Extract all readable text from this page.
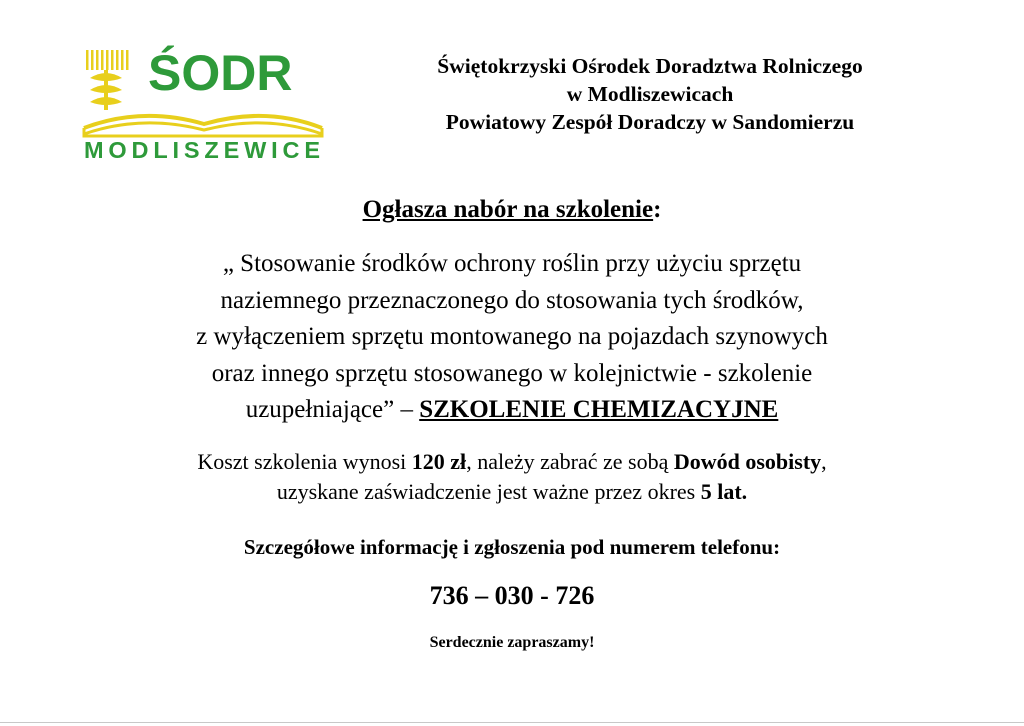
ŚODR
MODLISZEWICE
Świętokrzyski Ośrodek Doradztwa Rolniczego
w Modliszewicach
Powiatowy Zespół Doradczy w Sandomierzu
Ogłasza nabór na szkolenie:
„ Stosowanie środków ochrony roślin przy użyciu sprzętu
naziemnego przeznaczonego do stosowania tych środków,
z wyłączeniem sprzętu montowanego na pojazdach szynowych
oraz innego sprzętu stosowanego w kolejnictwie - szkolenie
uzupełniające” – SZKOLENIE CHEMIZACYJNE
Koszt szkolenia wynosi 120 zł, należy zabrać ze sobą Dowód osobisty,
uzyskane zaświadczenie jest ważne przez okres 5 lat.
Szczegółowe informację i zgłoszenia pod numerem telefonu:
736 – 030 - 726
Serdecznie zapraszamy!
